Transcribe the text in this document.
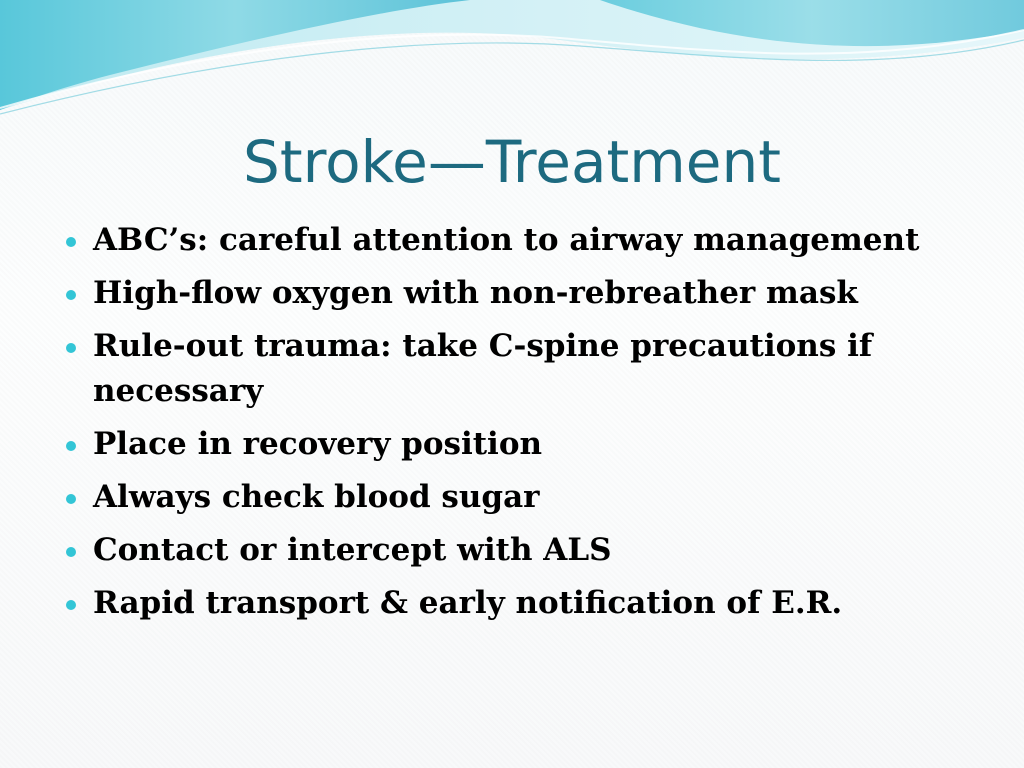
Stroke—Treatment
ABC’s: careful attention to airway management
High-flow oxygen with non-rebreather mask
Rule-out trauma: take C-spine precautions if necessary
Place in recovery position
Always check blood sugar
Contact or intercept with ALS
Rapid transport & early notification of E.R.
